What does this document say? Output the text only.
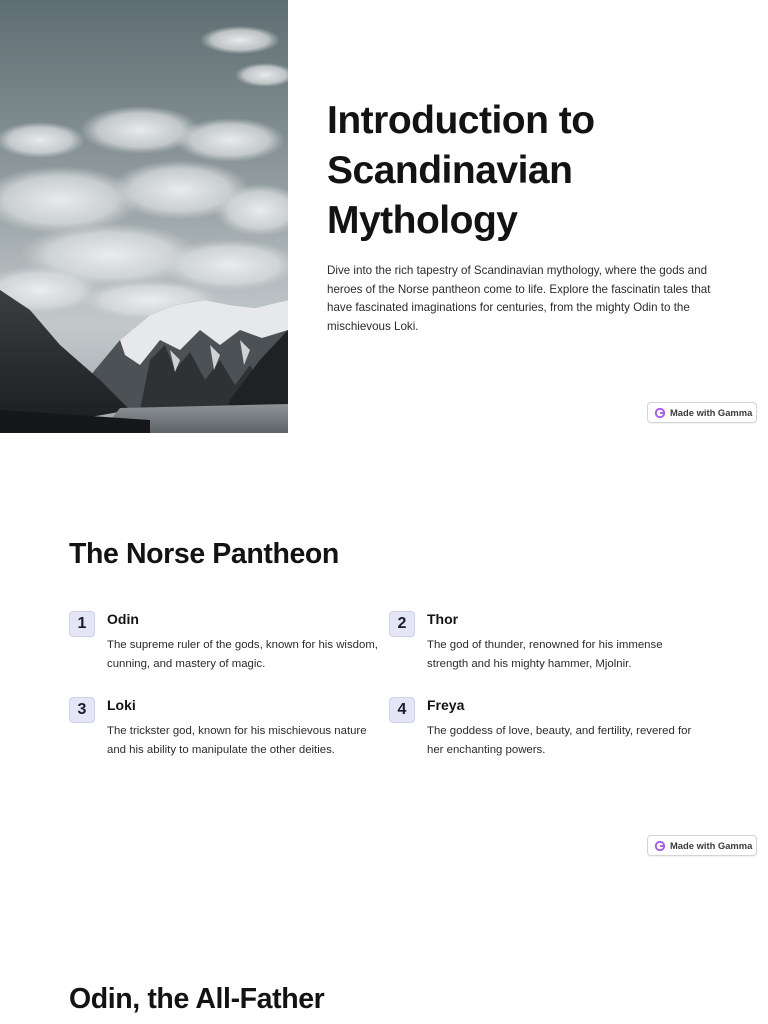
Introduction to Scandinavian Mythology

Dive into the rich tapestry of Scandinavian mythology, where the gods and heroes of the Norse pantheon come to life. Explore the fascinatin tales that have fascinated imaginations for centuries, from the mighty Odin to the mischievous Loki.

Made with Gamma
The Norse Pantheon
1	Odin

The supreme ruler of the gods, known for his wisdom, cunning, and mastery of magic.

2	Thor

The god of thunder, renowned for his immense strength and his mighty hammer, Mjolnir.

3	Loki

The trickster god, known for his mischievous nature and his ability to manipulate the other deities.

4	Freya

The goddess of love, beauty, and fertility, revered for her enchanting powers.

Made with Gamma
Odin, the All-Father
